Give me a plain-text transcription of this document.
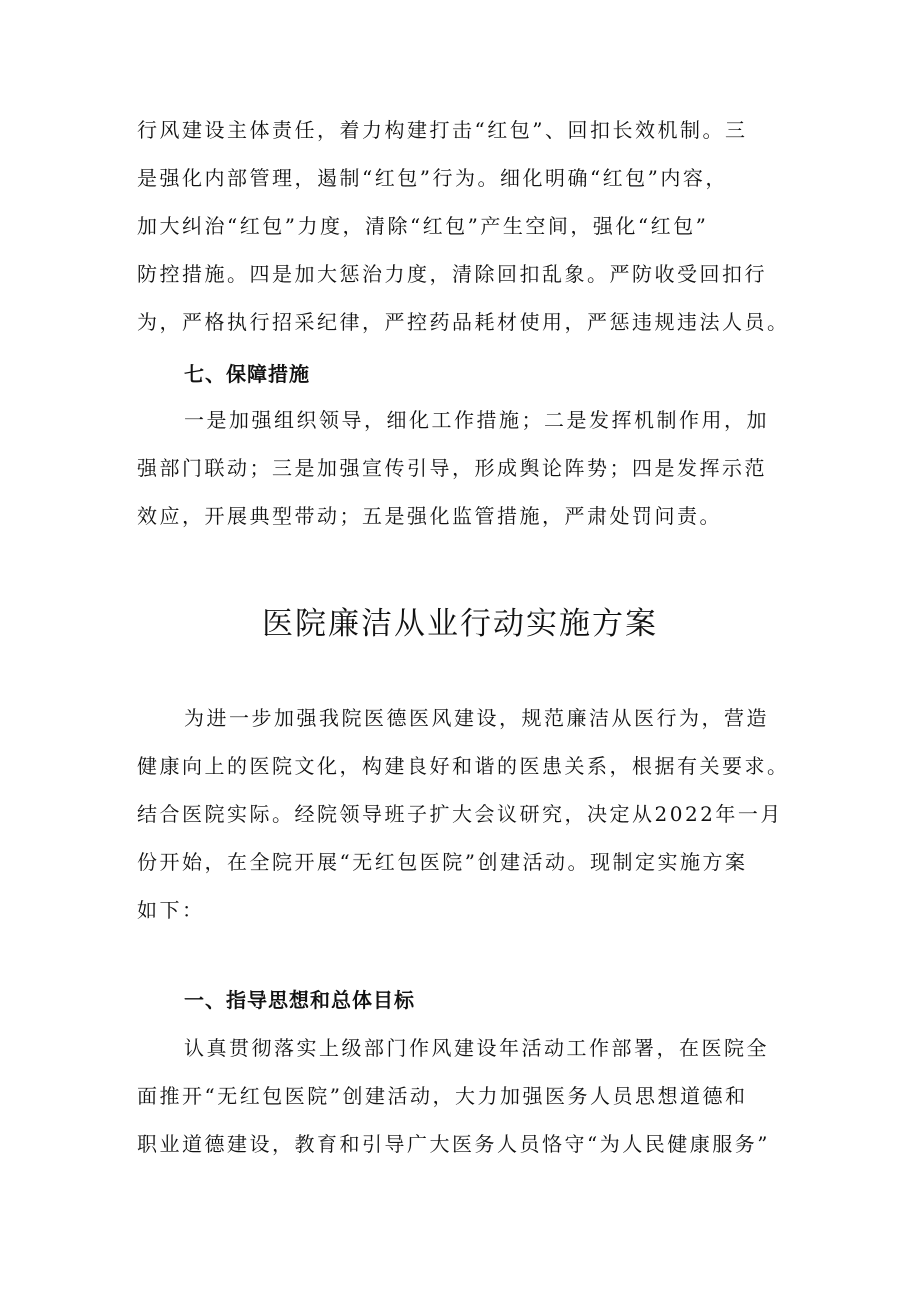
行风建设主体责任，着力构建打击“红包”、回扣长效机制。三
是强化内部管理，遏制“红包”行为。细化明确“红包”内容，
加大纠治“红包”力度，清除“红包”产生空间，强化“红包”
防控措施。四是加大惩治力度，清除回扣乱象。严防收受回扣行
为，严格执行招采纪律，严控药品耗材使用，严惩违规违法人员。
七、保障措施
一是加强组织领导，细化工作措施；二是发挥机制作用，加
强部门联动；三是加强宣传引导，形成舆论阵势；四是发挥示范
效应，开展典型带动；五是强化监管措施，严肃处罚问责。
医院廉洁从业行动实施方案
为进一步加强我院医德医风建设，规范廉洁从医行为，营造
健康向上的医院文化，构建良好和谐的医患关系，根据有关要求。
结合医院实际。经院领导班子扩大会议研究，决定从2022年一月
份开始，在全院开展“无红包医院”创建活动。现制定实施方案
如下：
一、指导思想和总体目标
认真贯彻落实上级部门作风建设年活动工作部署，在医院全
面推开“无红包医院”创建活动，大力加强医务人员思想道德和
职业道德建设，教育和引导广大医务人员恪守“为人民健康服务”
